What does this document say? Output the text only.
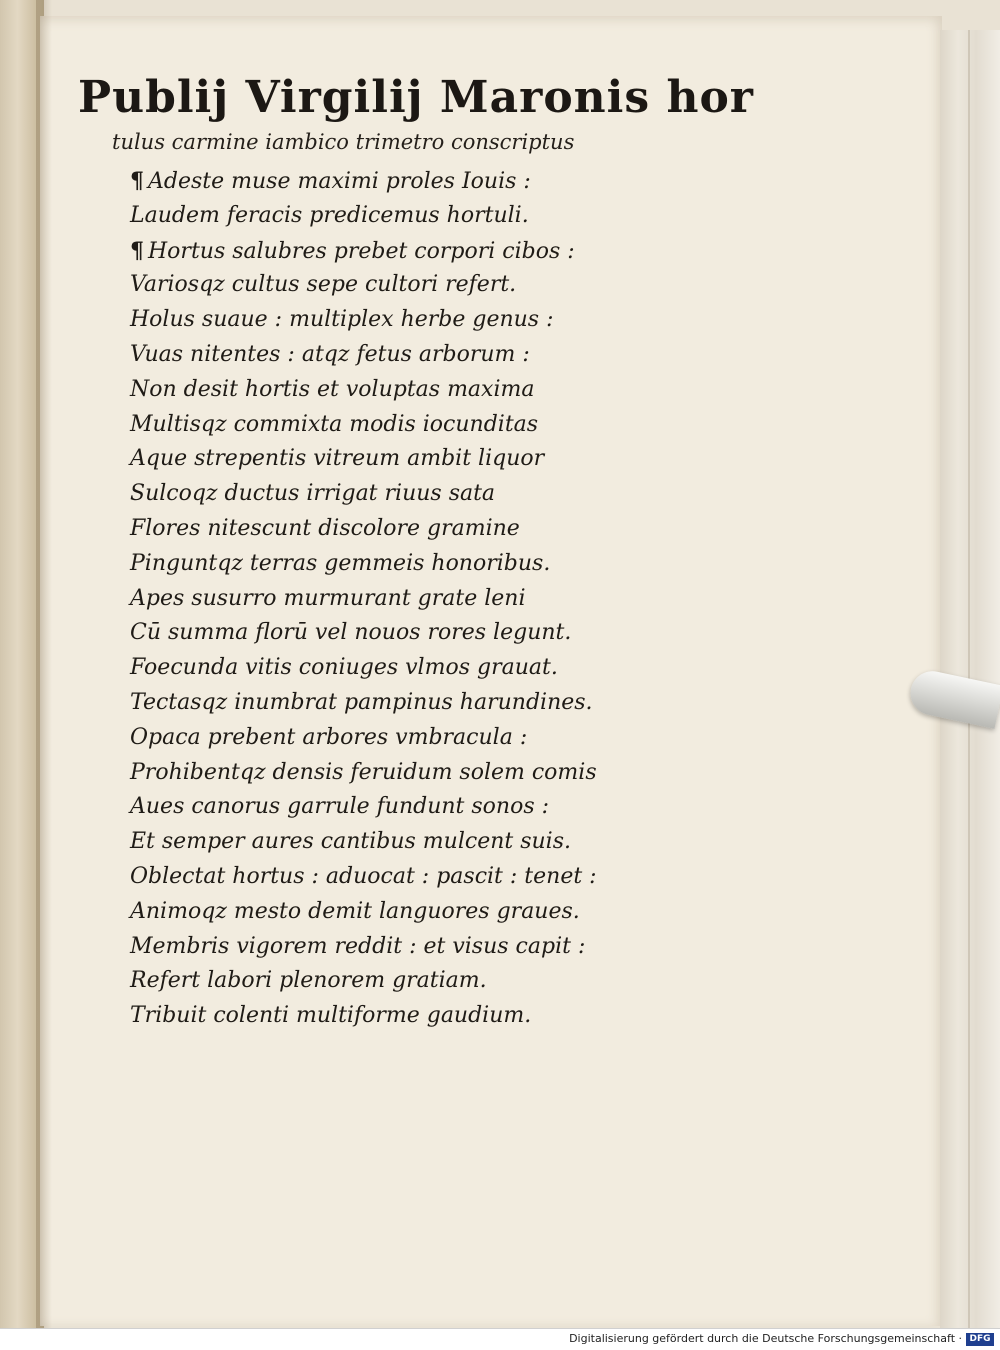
Publij Virgilij Maronis hor
tulus carmine iambico trimetro conscriptus
¶ Adeste muse maximi proles Iouis :
Laudem feracis predicemus hortuli.
¶ Hortus salubres prebet corpori cibos :
Variosqz cultus sepe cultori refert.
Holus suaue : multiplex herbe genus :
Vuas nitentes : atqz fetus arborum :
Non desit hortis et voluptas maxima
Multisqz commixta modis iocunditas
Aque strepentis vitreum ambit liquor
Sulcoqz ductus irrigat riuus sata
Flores nitescunt discolore gramine
Pinguntqz terras gemmeis honoribus.
Apes susurro murmurant grate leni
Cū summa florū vel nouos rores legunt.
Foecunda vitis coniuges vlmos grauat.
Tectasqz inumbrat pampinus harundines.
Opaca prebent arbores vmbracula :
Prohibentqz densis feruidum solem comis
Aues canorus garrule fundunt sonos :
Et semper aures cantibus mulcent suis.
Oblectat hortus : aduocat : pascit : tenet :
Animoqz mesto demit languores graues.
Membris vigorem reddit : et visus capit :
Refert labori plenorem gratiam.
Tribuit colenti multiforme gaudium.
Digitalisierung gefördert durch die Deutsche Forschungsgemeinschaft · DFG
